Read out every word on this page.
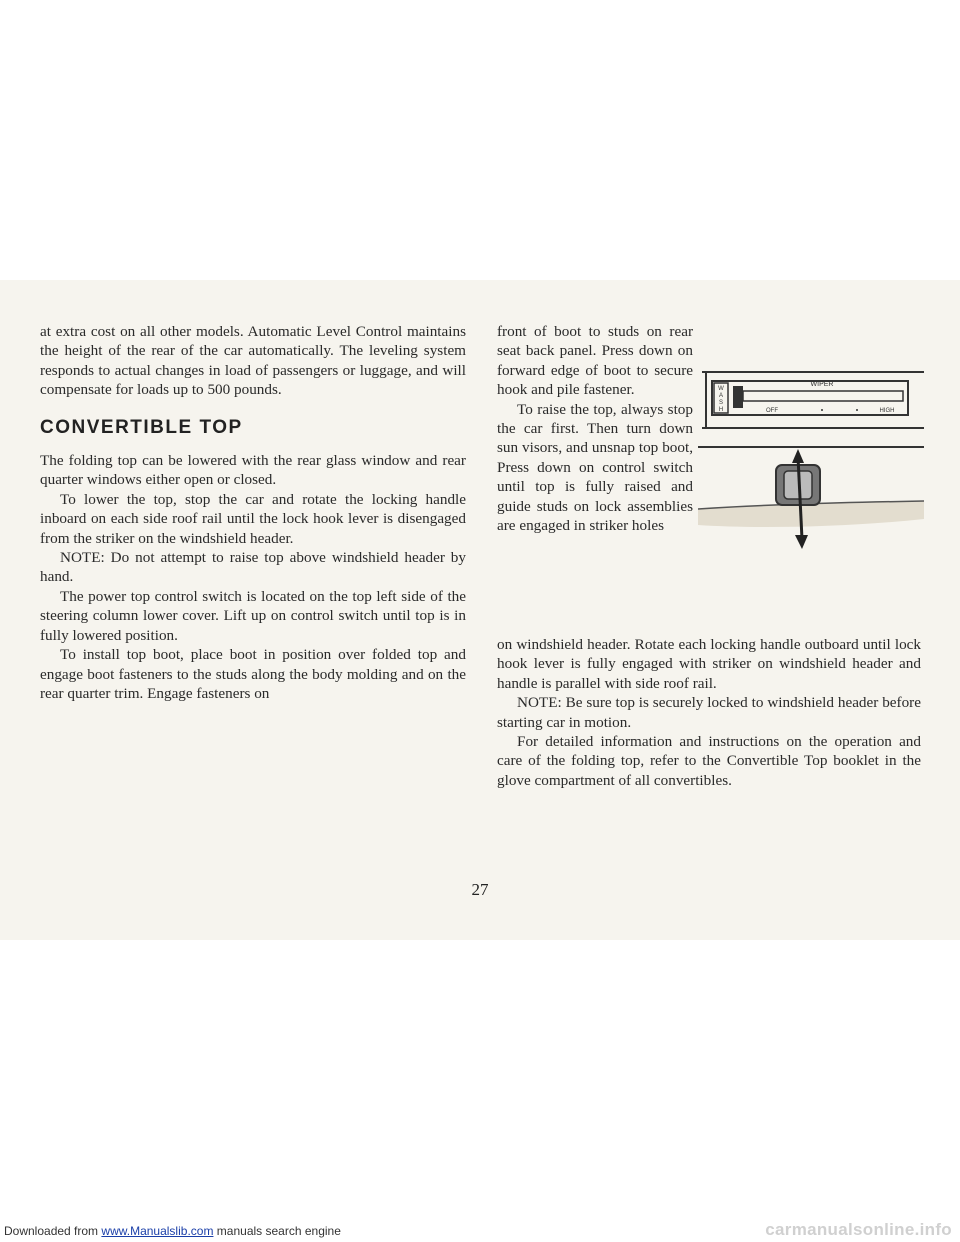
at extra cost on all other models. Automatic Level Control maintains the height of the rear of the car automatically. The leveling system responds to actual changes in load of passengers or luggage, and will compensate for loads up to 500 pounds.

CONVERTIBLE TOP

The folding top can be lowered with the rear glass window and rear quarter windows either open or closed.

To lower the top, stop the car and rotate the locking handle inboard on each side roof rail until the lock hook lever is disengaged from the striker on the windshield header.

NOTE: Do not attempt to raise top above windshield header by hand.

The power top control switch is located on the top left side of the steering column lower cover. Lift up on control switch until top is in fully lowered position.

To install top boot, place boot in position over folded top and engage boot fasteners to the studs along the body molding and on the rear quarter trim. Engage fasteners on

front of boot to studs on rear seat back panel. Press down on forward edge of boot to secure hook and pile fastener.

To raise the top, always stop the car first. Then turn down sun visors, and unsnap top boot, Press down on control switch until top is fully raised and guide studs on lock assemblies are engaged in striker holes

W
A
S
H
WIPER
OFF	HIGH

on windshield header. Rotate each locking handle outboard until lock hook lever is fully engaged with striker on windshield header and handle is parallel with side roof rail.

NOTE: Be sure top is securely locked to windshield header before starting car in motion.

For detailed information and instructions on the operation and care of the folding top, refer to the Convertible Top booklet in the glove compartment of all convertibles.

27
Downloaded from www.Manualslib.com manuals search engine	carmanualsonline.info
